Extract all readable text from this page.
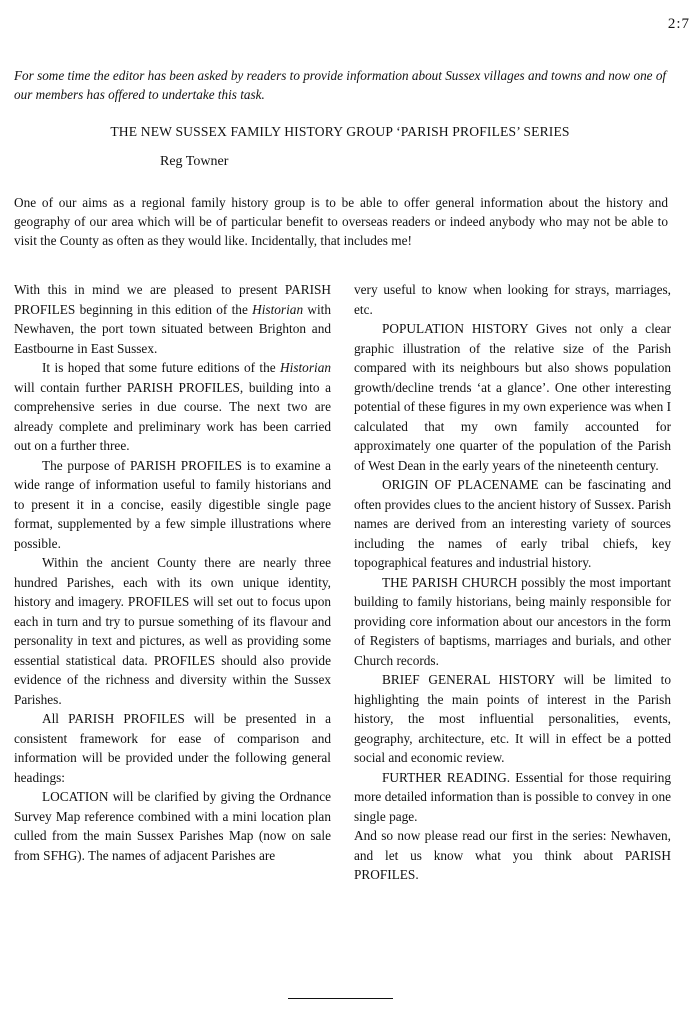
2:7
For some time the editor has been asked by readers to provide information about Sussex villages and towns and now one of our members has offered to undertake this task.
THE NEW SUSSEX FAMILY HISTORY GROUP ‘PARISH PROFILES’ SERIES
Reg Towner
One of our aims as a regional family history group is to be able to offer general information about the history and geography of our area which will be of particular benefit to overseas readers or indeed anybody who may not be able to visit the County as often as they would like. Incidentally, that includes me!

With this in mind we are pleased to present PARISH PROFILES beginning in this edition of the Historian with Newhaven, the port town situated between Brighton and Eastbourne in East Sussex.

It is hoped that some future editions of the Historian will contain further PARISH PROFILES, building into a comprehensive series in due course. The next two are already complete and preliminary work has been carried out on a further three.

The purpose of PARISH PROFILES is to examine a wide range of information useful to family historians and to present it in a concise, easily digestible single page format, supplemented by a few simple illustrations where possible.

Within the ancient County there are nearly three hundred Parishes, each with its own unique identity, history and imagery. PROFILES will set out to focus upon each in turn and try to pursue something of its flavour and personality in text and pictures, as well as providing some essential statistical data. PROFILES should also provide evidence of the richness and diversity within the Sussex Parishes.

All PARISH PROFILES will be presented in a consistent framework for ease of comparison and information will be provided under the following general headings:

LOCATION will be clarified by giving the Ordnance Survey Map reference combined with a mini location plan culled from the main Sussex Parishes Map (now on sale from SFHG). The names of adjacent Parishes are

very useful to know when looking for strays, marriages, etc.

POPULATION HISTORY Gives not only a clear graphic illustration of the relative size of the Parish compared with its neighbours but also shows population growth/decline trends ‘at a glance’. One other interesting potential of these figures in my own experience was when I calculated that my own family accounted for approximately one quarter of the population of the Parish of West Dean in the early years of the nineteenth century.

ORIGIN OF PLACENAME can be fascinating and often provides clues to the ancient history of Sussex. Parish names are derived from an interesting variety of sources including the names of early tribal chiefs, key topographical features and industrial history.

THE PARISH CHURCH possibly the most important building to family historians, being mainly responsible for providing core information about our ancestors in the form of Registers of baptisms, marriages and burials, and other Church records.

BRIEF GENERAL HISTORY will be limited to highlighting the main points of interest in the Parish history, the most influential personalities, events, geography, architecture, etc. It will in effect be a potted social and economic review.

FURTHER READING. Essential for those requiring more detailed information than is possible to convey in one single page.

And so now please read our first in the series: Newhaven, and let us know what you think about PARISH PROFILES.
